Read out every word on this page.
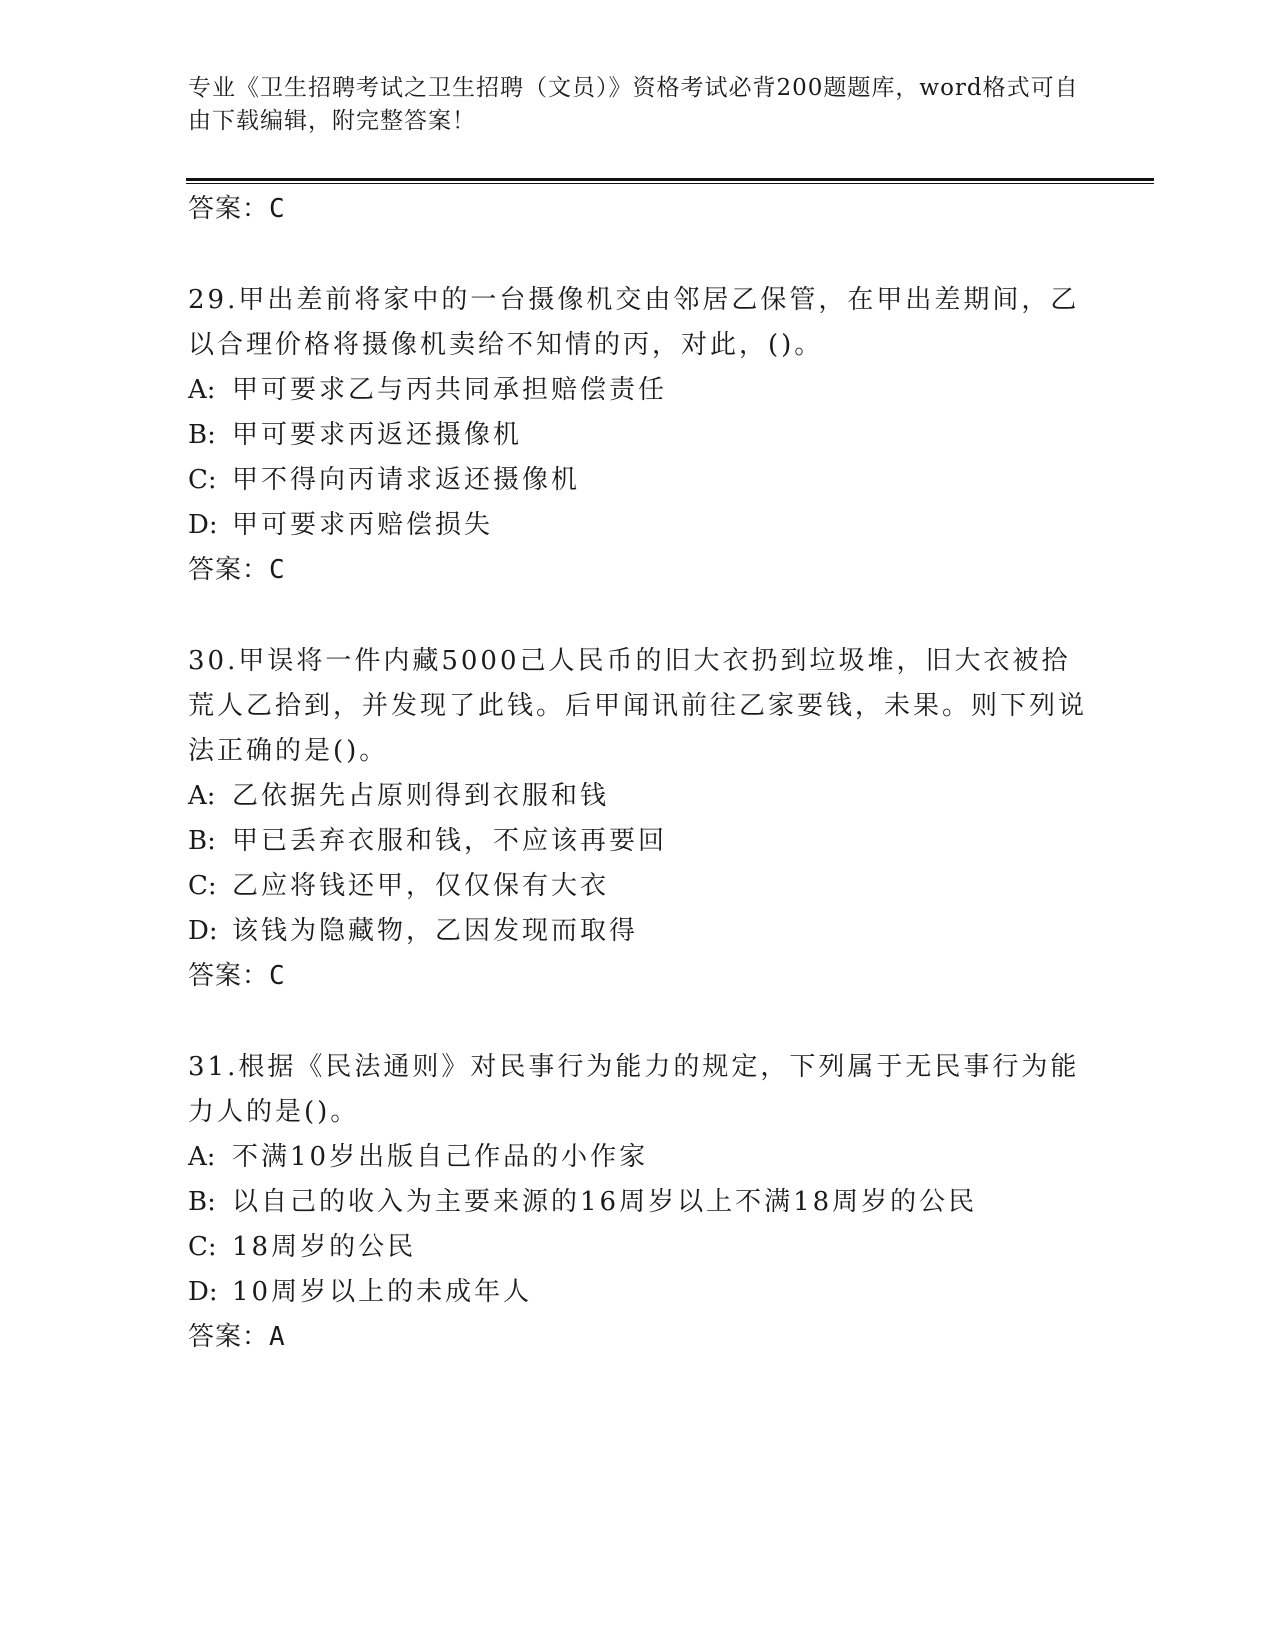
专业《卫生招聘考试之卫生招聘（文员）》资格考试必背200题题库，word格式可自由下载编辑，附完整答案！
答案：C
29.甲出差前将家中的一台摄像机交由邻居乙保管，在甲出差期间，乙以合理价格将摄像机卖给不知情的丙，对此，()。
A: 甲可要求乙与丙共同承担赔偿责任
B: 甲可要求丙返还摄像机
C: 甲不得向丙请求返还摄像机
D: 甲可要求丙赔偿损失
答案：C
30.甲误将一件内藏5000己人民币的旧大衣扔到垃圾堆，旧大衣被拾荒人乙拾到，并发现了此钱。后甲闻讯前往乙家要钱，未果。则下列说法正确的是()。
A: 乙依据先占原则得到衣服和钱
B: 甲已丢弃衣服和钱，不应该再要回
C: 乙应将钱还甲，仅仅保有大衣
D: 该钱为隐藏物，乙因发现而取得
答案：C
31.根据《民法通则》对民事行为能力的规定，下列属于无民事行为能力人的是()。
A: 不满10岁出版自己作品的小作家
B: 以自己的收入为主要来源的16周岁以上不满18周岁的公民
C: 18周岁的公民
D: 10周岁以上的未成年人
答案：A
